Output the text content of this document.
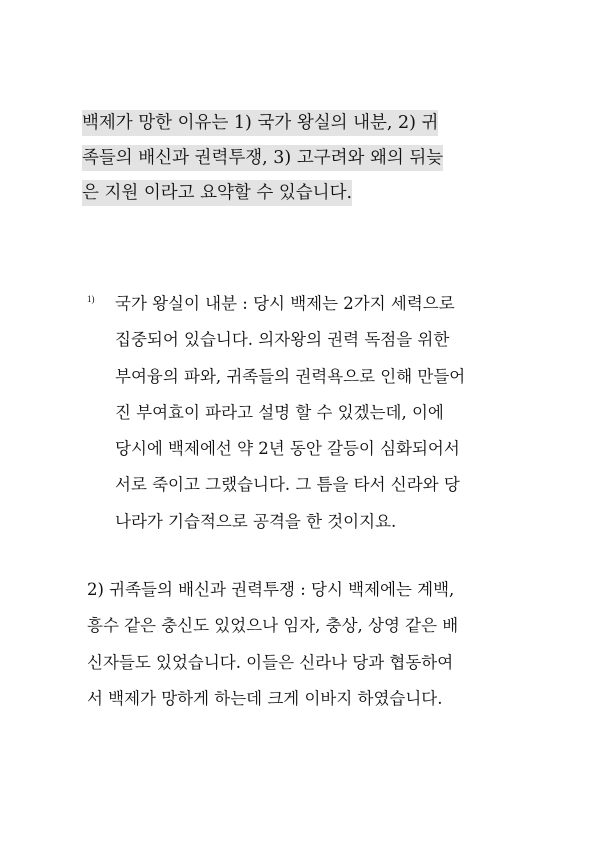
백제가 망한 이유는 1) 국가 왕실의 내분, 2) 귀
족들의 배신과 권력투쟁, 3) 고구려와 왜의 뒤늦
은 지원 이라고 요약할 수 있습니다.
1) 국가 왕실이 내분 : 당시 백제는 2가지 세력으로
집중되어 있습니다. 의자왕의 권력 독점을 위한
부여융의 파와, 귀족들의 권력욕으로 인해 만들어
진 부여효이 파라고 설명 할 수 있겠는데, 이에
당시에 백제에선 약 2년 동안 갈등이 심화되어서
서로 죽이고 그랬습니다. 그 틈을 타서 신라와 당
나라가 기습적으로 공격을 한 것이지요.
2) 귀족들의 배신과 권력투쟁 : 당시 백제에는 계백,
흥수 같은 충신도 있었으나 임자, 충상, 상영 같은 배
신자들도 있었습니다. 이들은 신라나 당과 협동하여
서 백제가 망하게 하는데 크게 이바지 하였습니다.
